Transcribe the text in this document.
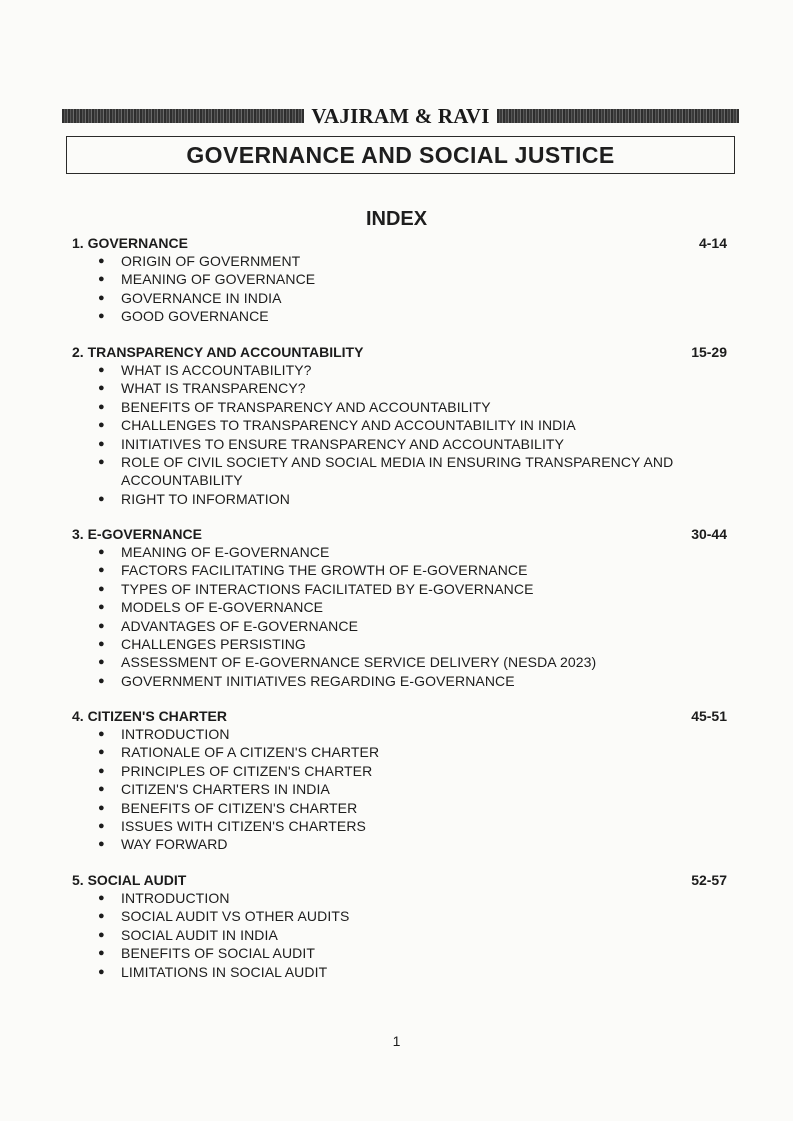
VAJIRAM & RAVI
GOVERNANCE AND SOCIAL JUSTICE
INDEX
1. GOVERNANCE	4-14
● ORIGIN OF GOVERNMENT
● MEANING OF GOVERNANCE
● GOVERNANCE IN INDIA
● GOOD GOVERNANCE
2. TRANSPARENCY AND ACCOUNTABILITY	15-29
● WHAT IS ACCOUNTABILITY?
● WHAT IS TRANSPARENCY?
● BENEFITS OF TRANSPARENCY AND ACCOUNTABILITY
● CHALLENGES TO TRANSPARENCY AND ACCOUNTABILITY IN INDIA
● INITIATIVES TO ENSURE TRANSPARENCY AND ACCOUNTABILITY
● ROLE OF CIVIL SOCIETY AND SOCIAL MEDIA IN ENSURING TRANSPARENCY AND ACCOUNTABILITY
● RIGHT TO INFORMATION
3. E-GOVERNANCE	30-44
● MEANING OF E-GOVERNANCE
● FACTORS FACILITATING THE GROWTH OF E-GOVERNANCE
● TYPES OF INTERACTIONS FACILITATED BY E-GOVERNANCE
● MODELS OF E-GOVERNANCE
● ADVANTAGES OF E-GOVERNANCE
● CHALLENGES PERSISTING
● ASSESSMENT OF E-GOVERNANCE SERVICE DELIVERY (NESDA 2023)
● GOVERNMENT INITIATIVES REGARDING E-GOVERNANCE
4. CITIZEN'S CHARTER	45-51
● INTRODUCTION
● RATIONALE OF A CITIZEN'S CHARTER
● PRINCIPLES OF CITIZEN'S CHARTER
● CITIZEN'S CHARTERS IN INDIA
● BENEFITS OF CITIZEN'S CHARTER
● ISSUES WITH CITIZEN'S CHARTERS
● WAY FORWARD
5. SOCIAL AUDIT	52-57
● INTRODUCTION
● SOCIAL AUDIT VS OTHER AUDITS
● SOCIAL AUDIT IN INDIA
● BENEFITS OF SOCIAL AUDIT
● LIMITATIONS IN SOCIAL AUDIT
1
